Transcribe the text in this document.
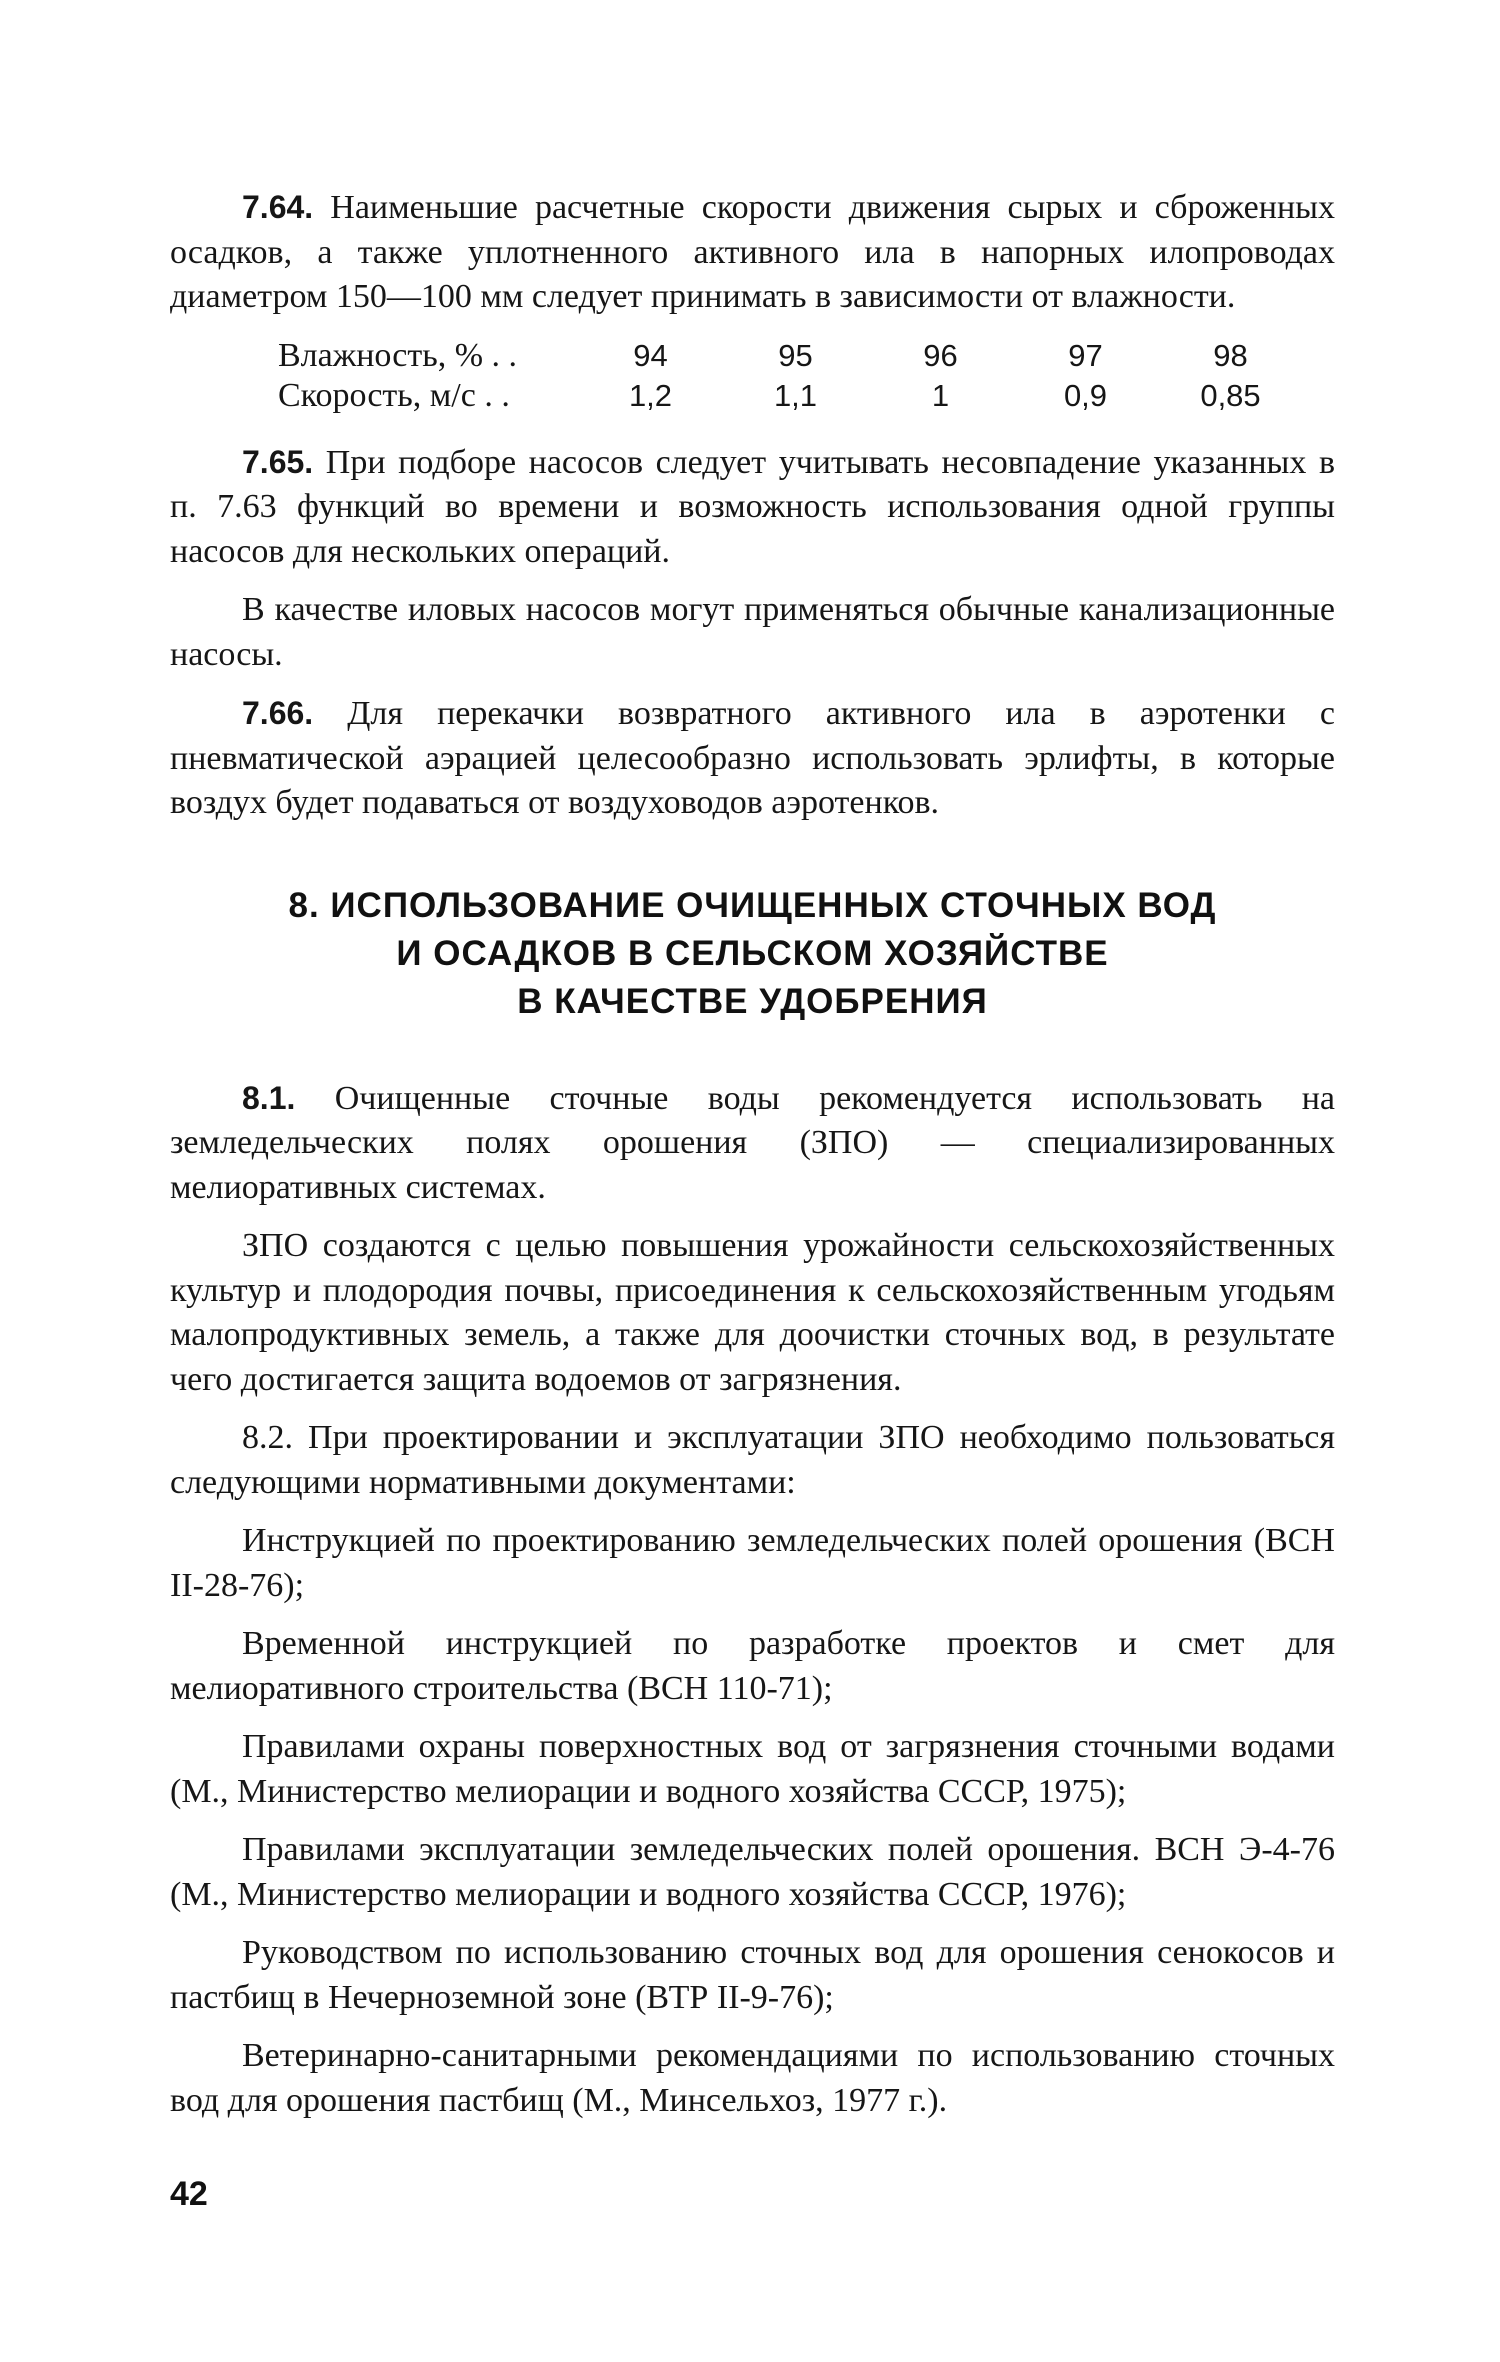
7.64. Наименьшие расчетные скорости движения сырых и сброженных осадков, а также уплотненного активного ила в напорных илопроводах диаметром 150—100 мм следует принимать в зависимости от влажности.

Влажность, % . .	94	95	96	97	98
Скорость, м/с . .	1,2	1,1	1	0,9	0,85

7.65. При подборе насосов следует учитывать несовпадение указанных в п. 7.63 функций во времени и возможность использования одной группы насосов для нескольких операций.

В качестве иловых насосов могут применяться обычные канализационные насосы.

7.66. Для перекачки возвратного активного ила в аэротенки с пневматической аэрацией целесообразно использовать эрлифты, в которые воздух будет подаваться от воздуховодов аэротенков.

8. ИСПОЛЬЗОВАНИЕ ОЧИЩЕННЫХ СТОЧНЫХ ВОД
И ОСАДКОВ В СЕЛЬСКОМ ХОЗЯЙСТВЕ
В КАЧЕСТВЕ УДОБРЕНИЯ

8.1. Очищенные сточные воды рекомендуется использовать на земледельческих полях орошения (ЗПО) — специализированных мелиоративных системах.

ЗПО создаются с целью повышения урожайности сельскохозяйственных культур и плодородия почвы, присоединения к сельскохозяйственным угодьям малопродуктивных земель, а также для доочистки сточных вод, в результате чего достигается защита водоемов от загрязнения.

8.2. При проектировании и эксплуатации ЗПО необходимо пользоваться следующими нормативными документами:

Инструкцией по проектированию земледельческих полей орошения (ВСН II-28-76);

Временной инструкцией по разработке проектов и смет для мелиоративного строительства (ВСН 110-71);

Правилами охраны поверхностных вод от загрязнения сточными водами (М., Министерство мелиорации и водного хозяйства СССР, 1975);

Правилами эксплуатации земледельческих полей орошения. ВСН Э-4-76 (М., Министерство мелиорации и водного хозяйства СССР, 1976);

Руководством по использованию сточных вод для орошения сенокосов и пастбищ в Нечерноземной зоне (ВТР II-9-76);

Ветеринарно-санитарными рекомендациями по использованию сточных вод для орошения пастбищ (М., Минсельхоз, 1977 г.).

42
